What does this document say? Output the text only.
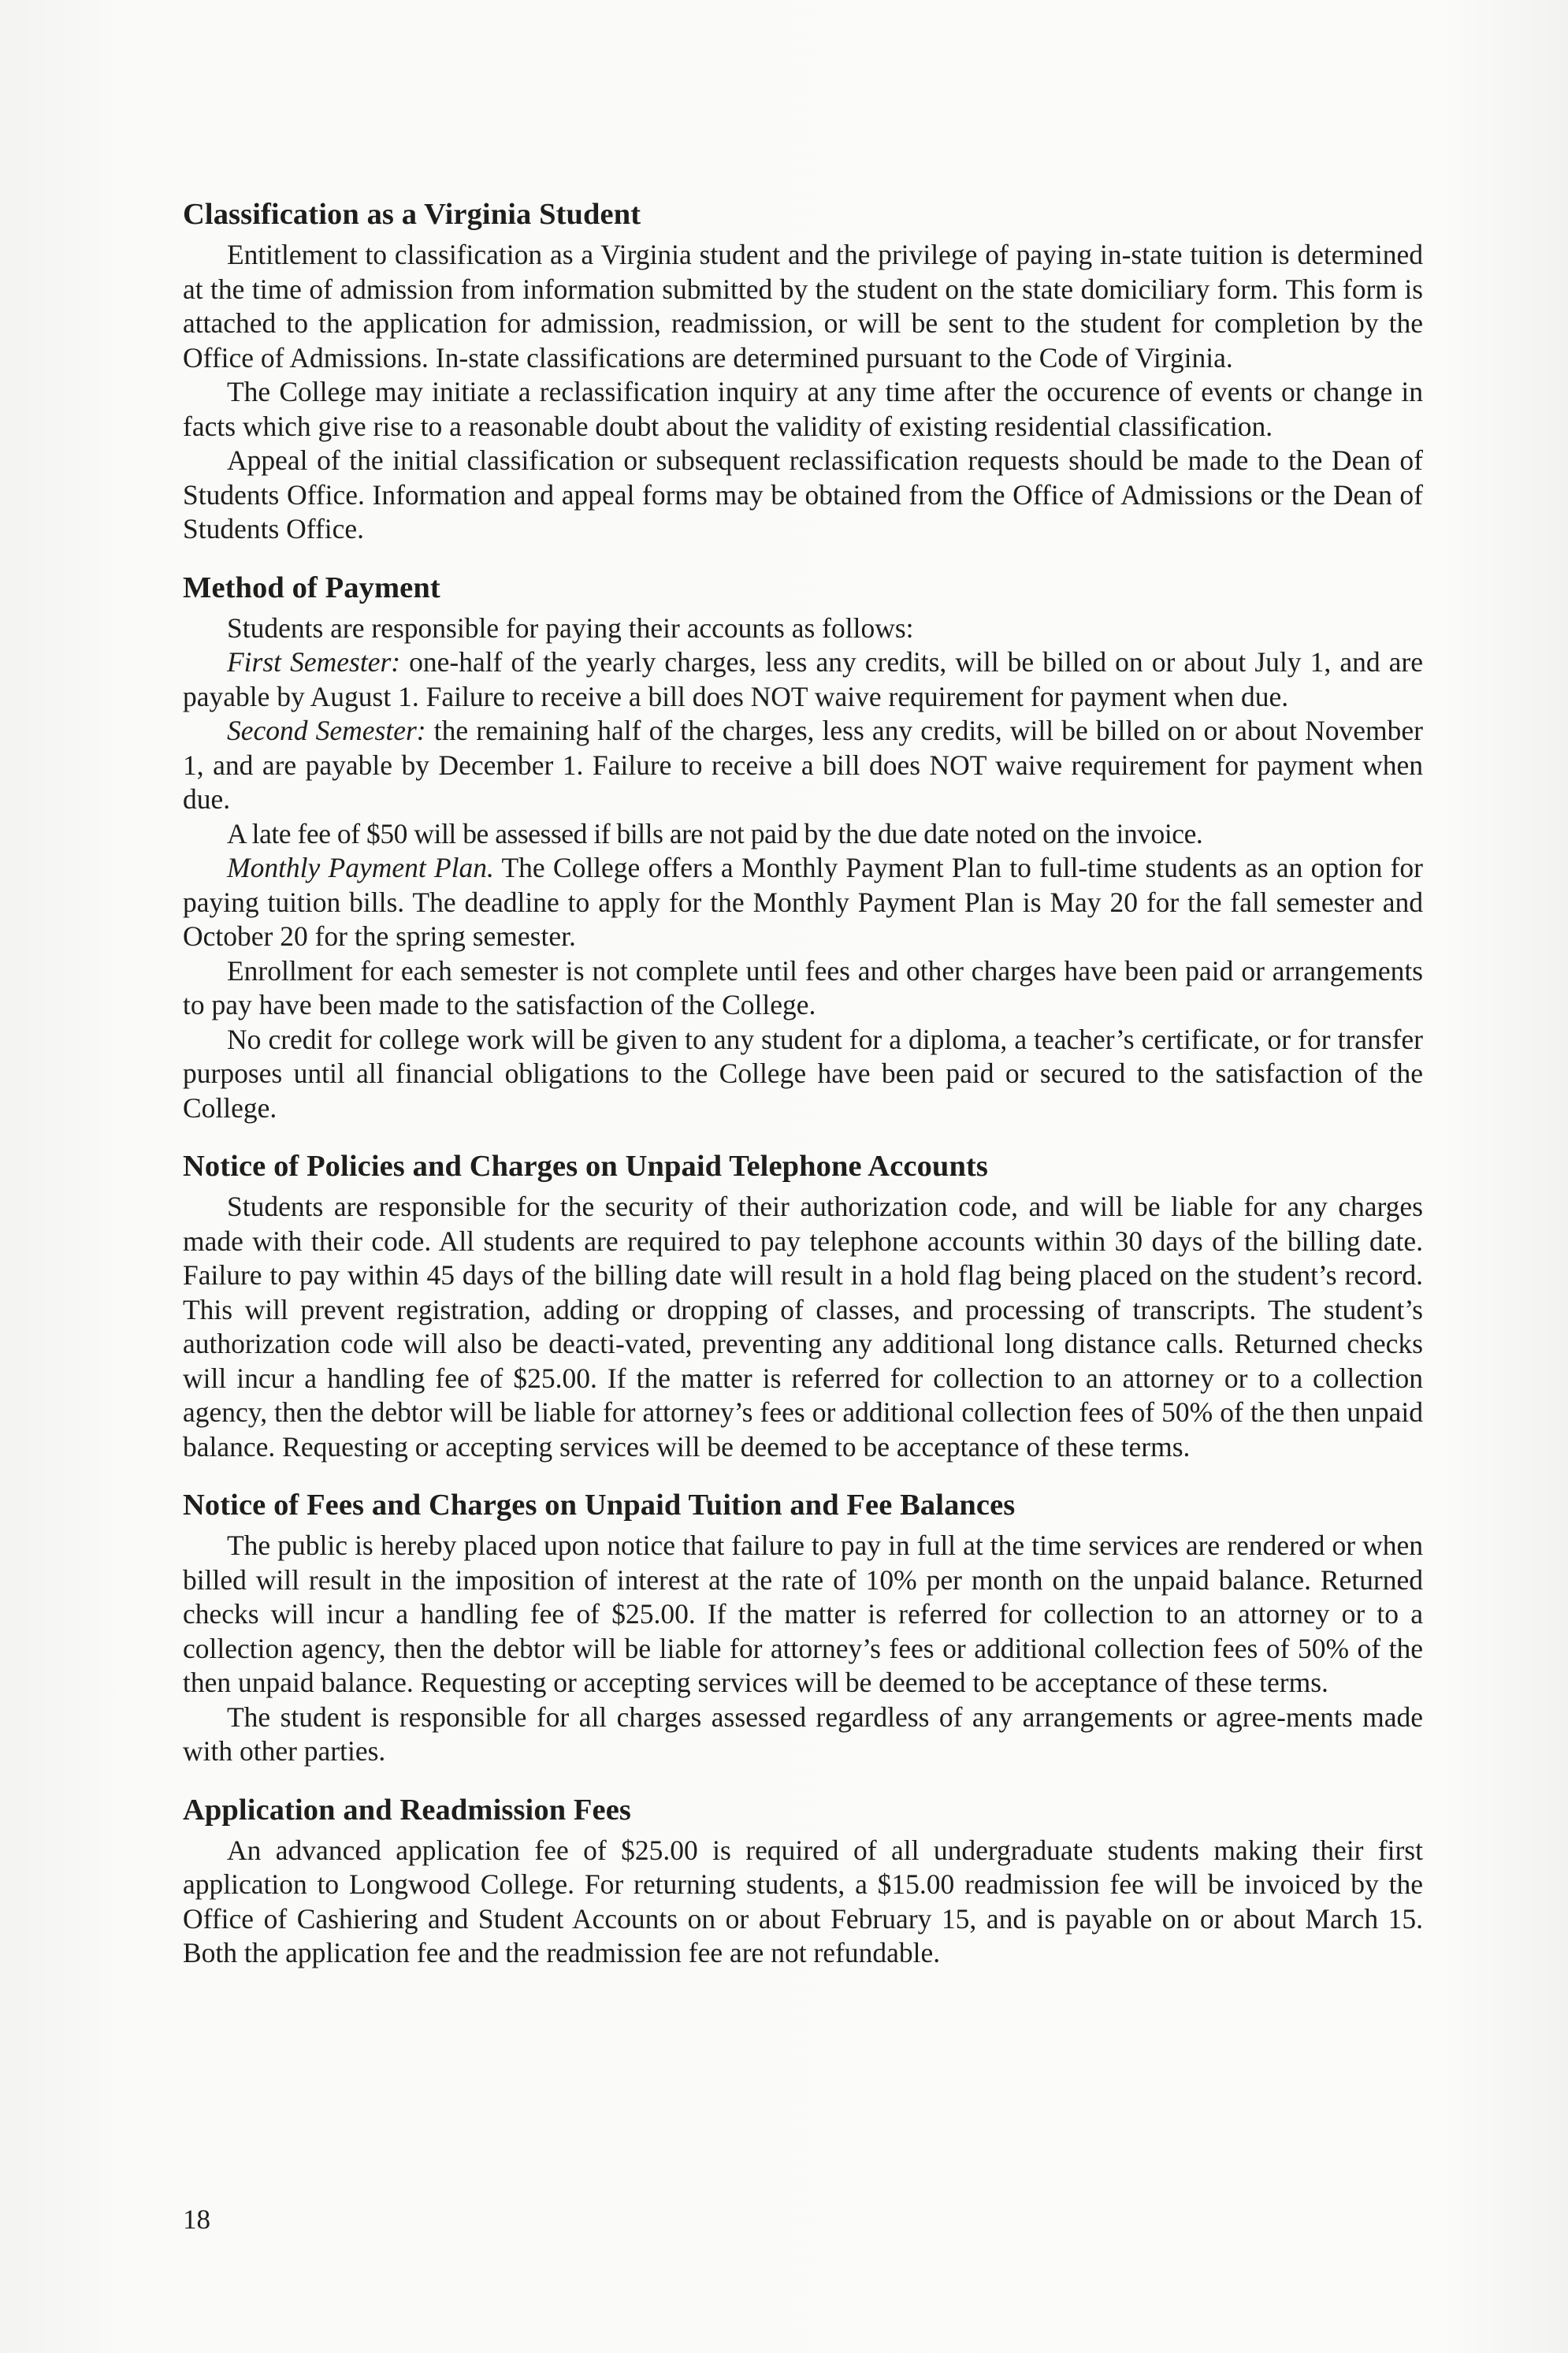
Classification as a Virginia Student

Entitlement to classification as a Virginia student and the privilege of paying in-state tuition is determined at the time of admission from information submitted by the student on the state domiciliary form. This form is attached to the application for admission, readmission, or will be sent to the student for completion by the Office of Admissions. In-state classifications are determined pursuant to the Code of Virginia.

The College may initiate a reclassification inquiry at any time after the occurence of events or change in facts which give rise to a reasonable doubt about the validity of existing residential classification.

Appeal of the initial classification or subsequent reclassification requests should be made to the Dean of Students Office. Information and appeal forms may be obtained from the Office of Admissions or the Dean of Students Office.

Method of Payment

Students are responsible for paying their accounts as follows:

First Semester: one-half of the yearly charges, less any credits, will be billed on or about July 1, and are payable by August 1. Failure to receive a bill does NOT waive requirement for payment when due.

Second Semester: the remaining half of the charges, less any credits, will be billed on or about November 1, and are payable by December 1. Failure to receive a bill does NOT waive requirement for payment when due.

A late fee of $50 will be assessed if bills are not paid by the due date noted on the invoice.

Monthly Payment Plan. The College offers a Monthly Payment Plan to full-time students as an option for paying tuition bills. The deadline to apply for the Monthly Payment Plan is May 20 for the fall semester and October 20 for the spring semester.

Enrollment for each semester is not complete until fees and other charges have been paid or arrangements to pay have been made to the satisfaction of the College.

No credit for college work will be given to any student for a diploma, a teacher’s certificate, or for transfer purposes until all financial obligations to the College have been paid or secured to the satisfaction of the College.

Notice of Policies and Charges on Unpaid Telephone Accounts

Students are responsible for the security of their authorization code, and will be liable for any charges made with their code. All students are required to pay telephone accounts within 30 days of the billing date. Failure to pay within 45 days of the billing date will result in a hold flag being placed on the student’s record. This will prevent registration, adding or dropping of classes, and processing of transcripts. The student’s authorization code will also be deacti-vated, preventing any additional long distance calls. Returned checks will incur a handling fee of $25.00. If the matter is referred for collection to an attorney or to a collection agency, then the debtor will be liable for attorney’s fees or additional collection fees of 50% of the then unpaid balance. Requesting or accepting services will be deemed to be acceptance of these terms.

Notice of Fees and Charges on Unpaid Tuition and Fee Balances

The public is hereby placed upon notice that failure to pay in full at the time services are rendered or when billed will result in the imposition of interest at the rate of 10% per month on the unpaid balance. Returned checks will incur a handling fee of $25.00. If the matter is referred for collection to an attorney or to a collection agency, then the debtor will be liable for attorney’s fees or additional collection fees of 50% of the then unpaid balance. Requesting or accepting services will be deemed to be acceptance of these terms.

The student is responsible for all charges assessed regardless of any arrangements or agree-ments made with other parties.

Application and Readmission Fees

An advanced application fee of $25.00 is required of all undergraduate students making their first application to Longwood College. For returning students, a $15.00 readmission fee will be invoiced by the Office of Cashiering and Student Accounts on or about February 15, and is payable on or about March 15. Both the application fee and the readmission fee are not refundable.

18
